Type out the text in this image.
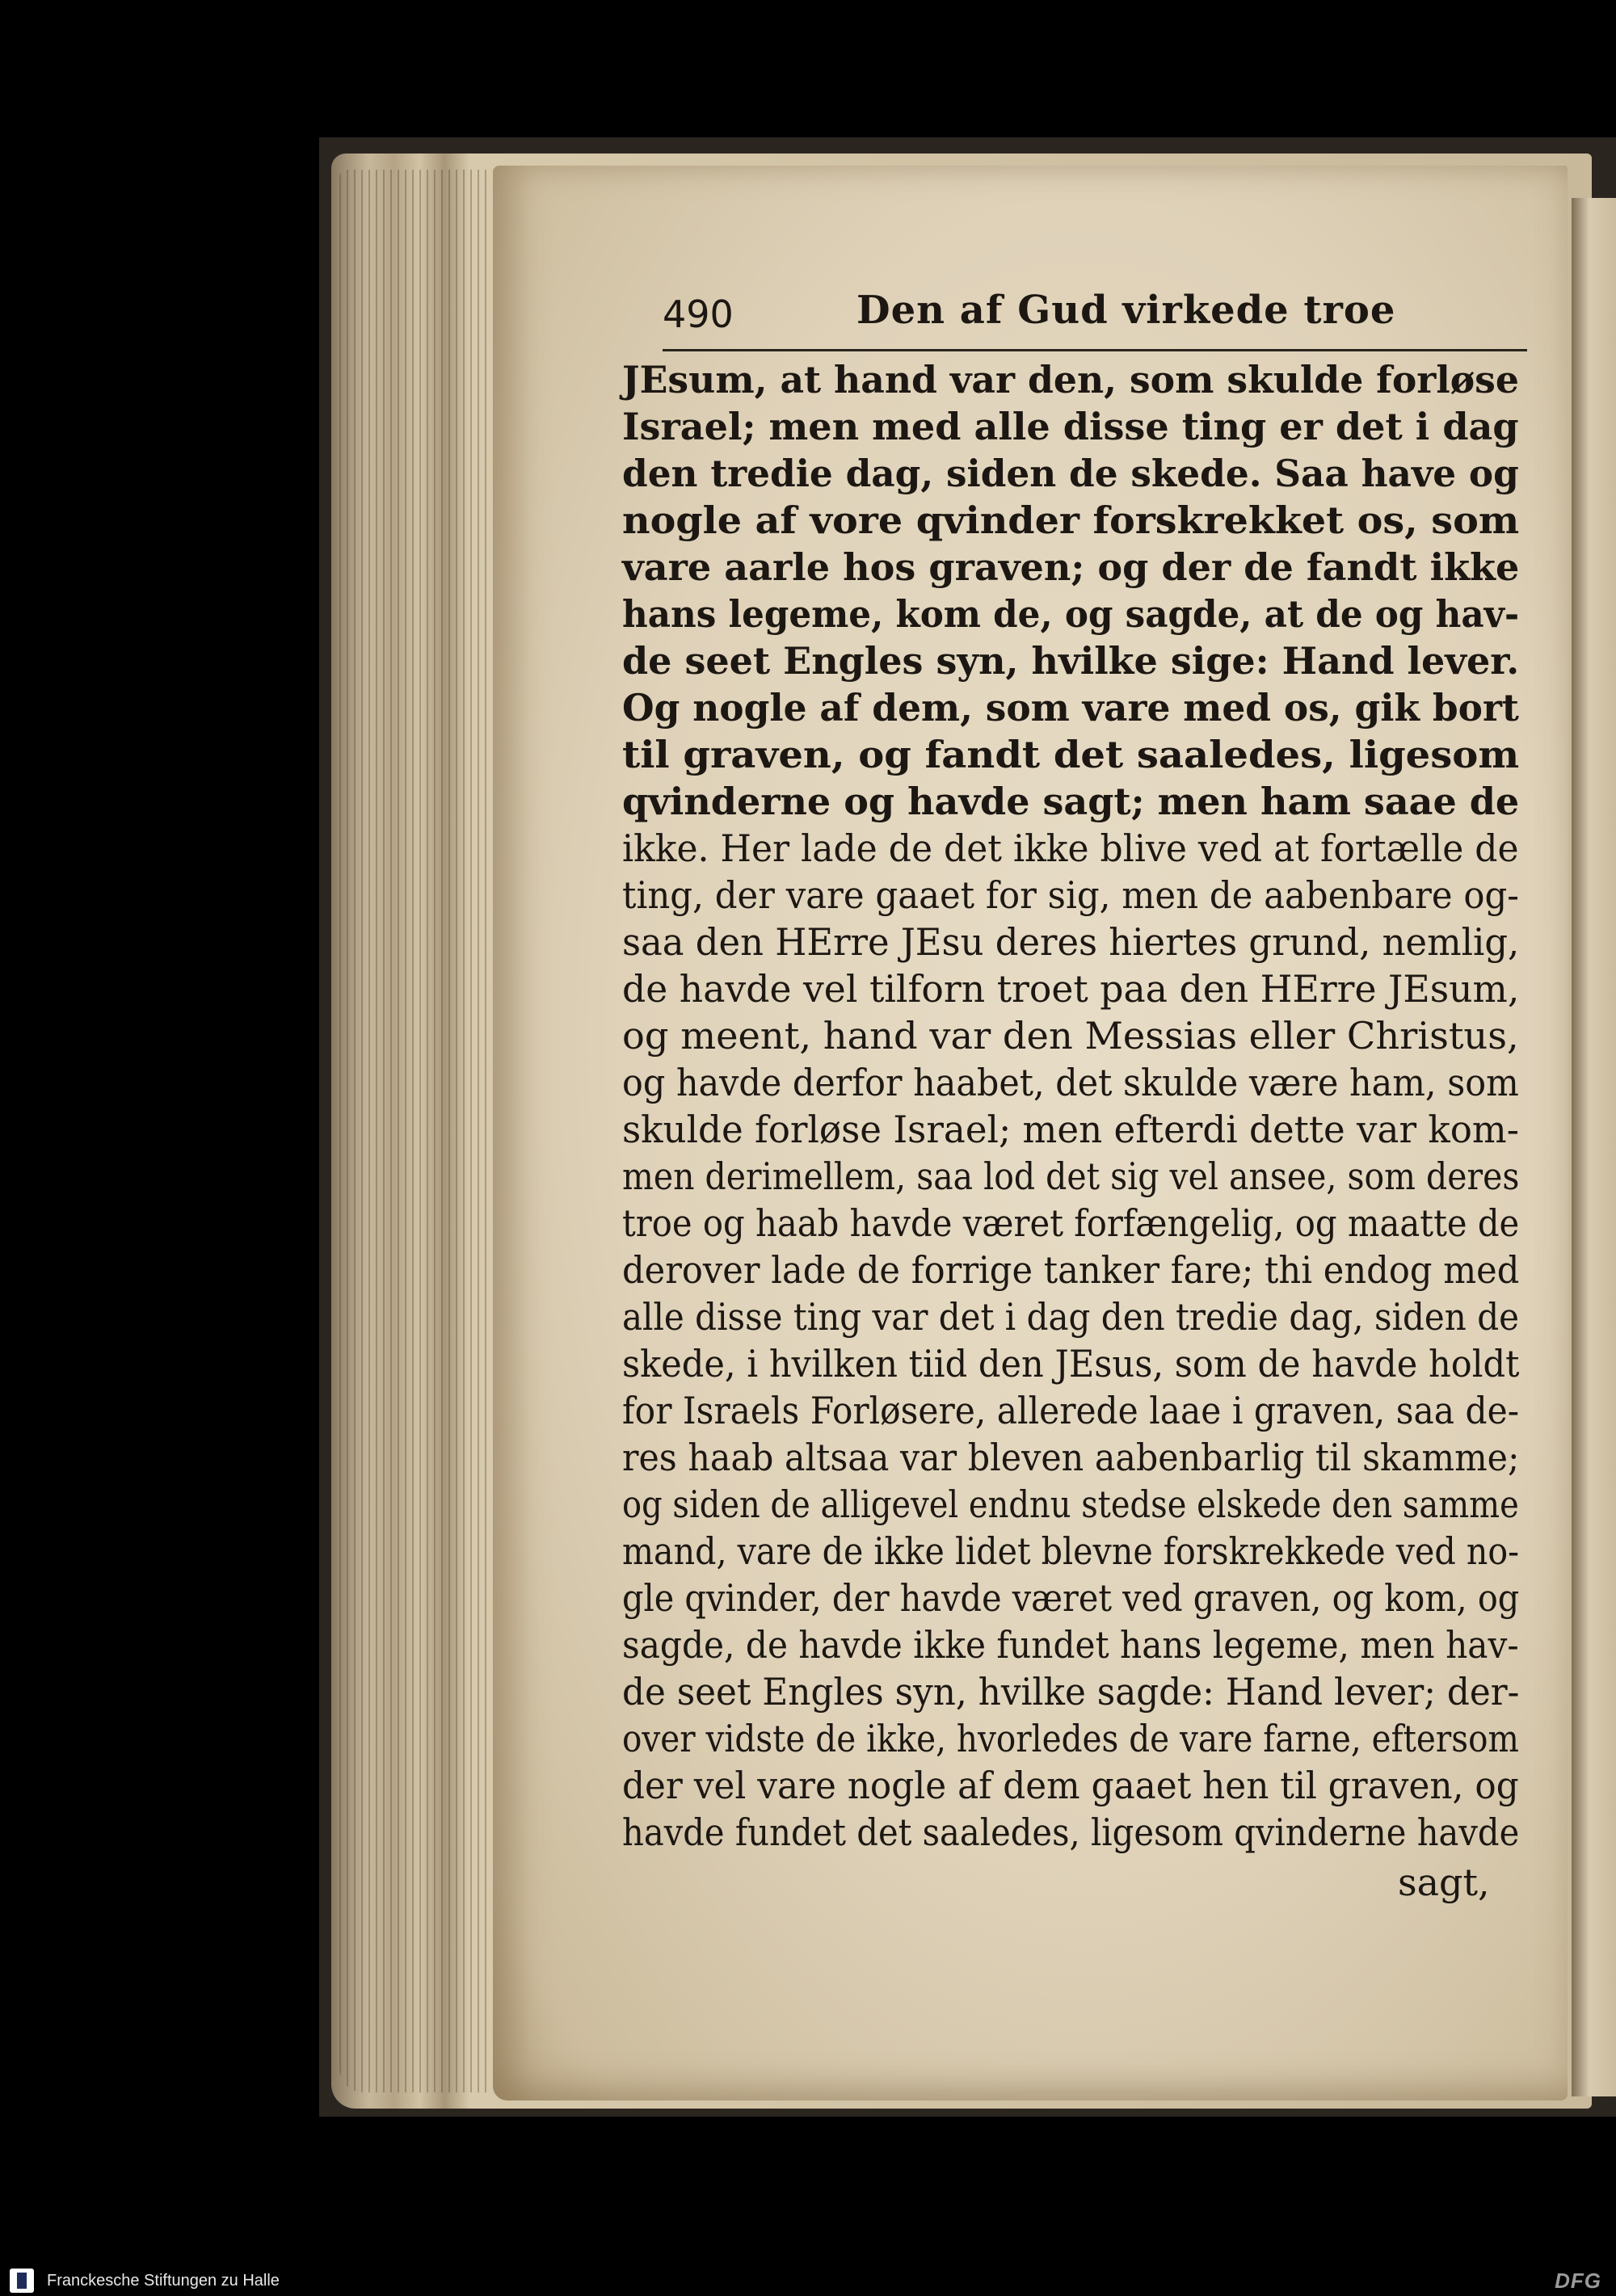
490	Den af Gud virkede troe
JEsum, at hand var den, som skulde forløse
Israel; men med alle disse ting er det i dag
den tredie dag, siden de skede. Saa have og
nogle af vore qvinder forskrekket os, som
vare aarle hos graven; og der de fandt ikke
hans legeme, kom de, og sagde, at de og hav-
de seet Engles syn, hvilke sige: Hand lever.
Og nogle af dem, som vare med os, gik bort
til graven, og fandt det saaledes, ligesom
qvinderne og havde sagt; men ham saae de
ikke. Her lade de det ikke blive ved at fortælle de
ting, der vare gaaet for sig, men de aabenbare og-
saa den HErre JEsu deres hiertes grund, nemlig,
de havde vel tilforn troet paa den HErre JEsum,
og meent, hand var den Messias eller Christus,
og havde derfor haabet, det skulde være ham, som
skulde forløse Israel; men efterdi dette var kom-
men derimellem, saa lod det sig vel ansee, som deres
troe og haab havde været forfængelig, og maatte de
derover lade de forrige tanker fare; thi endog med
alle disse ting var det i dag den tredie dag, siden de
skede, i hvilken tiid den JEsus, som de havde holdt
for Israels Forløsere, allerede laae i graven, saa de-
res haab altsaa var bleven aabenbarlig til skamme;
og siden de alligevel endnu stedse elskede den samme
mand, vare de ikke lidet blevne forskrekkede ved no-
gle qvinder, der havde været ved graven, og kom, og
sagde, de havde ikke fundet hans legeme, men hav-
de seet Engles syn, hvilke sagde: Hand lever; der-
over vidste de ikke, hvorledes de vare farne, eftersom
der vel vare nogle af dem gaaet hen til graven, og
havde fundet det saaledes, ligesom qvinderne havde
sagt,
Franckesche Stiftungen zu Halle	DFG
